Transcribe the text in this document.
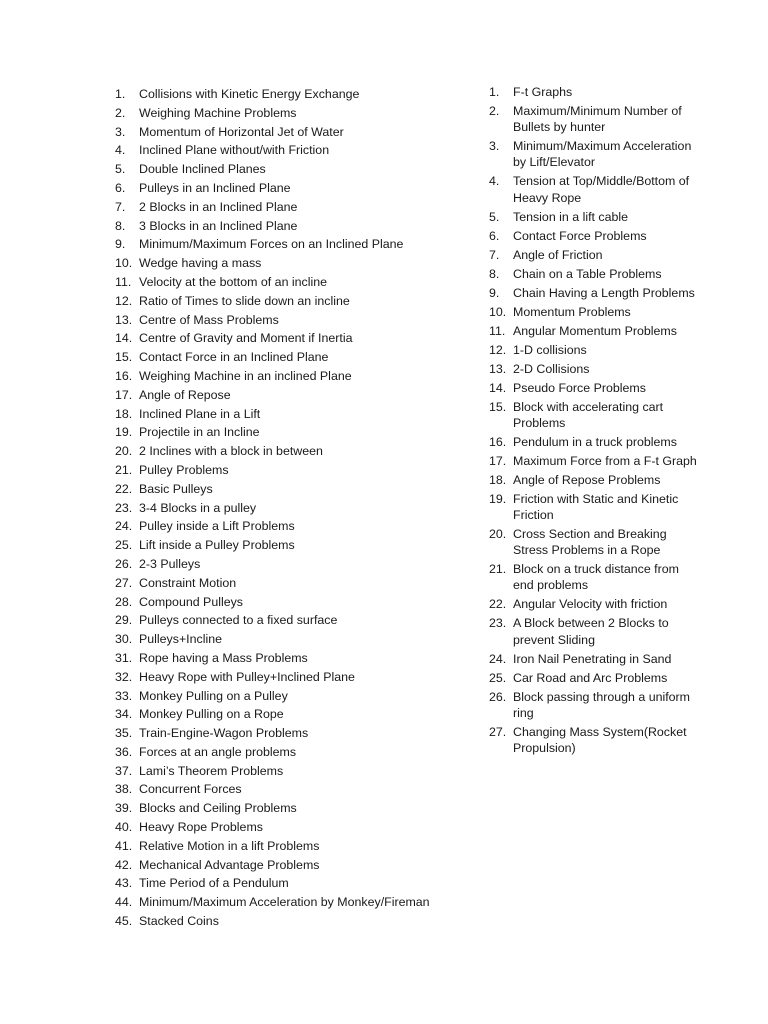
1.	Collisions with Kinetic Energy Exchange
2.	Weighing Machine Problems
3.	Momentum of Horizontal Jet of Water
4.	Inclined Plane without/with Friction
5.	Double Inclined Planes
6.	Pulleys in an Inclined Plane
7.	2 Blocks in an Inclined Plane
8.	3 Blocks in an Inclined Plane
9.	Minimum/Maximum Forces on an Inclined Plane
10. Wedge having a mass
11. Velocity at the bottom of an incline
12. Ratio of Times to slide down an incline
13. Centre of Mass Problems
14. Centre of Gravity and Moment if Inertia
15. Contact Force in an Inclined Plane
16. Weighing Machine in an inclined Plane
17. Angle of Repose
18. Inclined Plane in a Lift
19. Projectile in an Incline
20. 2 Inclines with a block in between
21. Pulley Problems
22. Basic Pulleys
23. 3-4 Blocks in a pulley
24. Pulley inside a Lift Problems
25. Lift inside a Pulley Problems
26. 2-3 Pulleys
27. Constraint Motion
28. Compound Pulleys
29. Pulleys connected to a fixed surface
30. Pulleys+Incline
31. Rope having a Mass Problems
32. Heavy Rope with Pulley+Inclined Plane
33. Monkey Pulling on a Pulley
34. Monkey Pulling on a Rope
35. Train-Engine-Wagon Problems
36. Forces at an angle problems
37. Lami’s Theorem Problems
38. Concurrent Forces
39. Blocks and Ceiling Problems
40. Heavy Rope Problems
41. Relative Motion in a lift Problems
42. Mechanical Advantage Problems
43. Time Period of a Pendulum
44. Minimum/Maximum Acceleration by Monkey/Fireman
45. Stacked Coins
1.	F-t Graphs
2.	Maximum/Minimum Number of Bullets by hunter
3.	Minimum/Maximum Acceleration by Lift/Elevator
4.	Tension at Top/Middle/Bottom of Heavy Rope
5.	Tension in a lift cable
6.	Contact Force Problems
7.	Angle of Friction
8.	Chain on a Table Problems
9.	Chain Having a Length Problems
10. Momentum Problems
11. Angular Momentum Problems
12. 1-D collisions
13. 2-D Collisions
14. Pseudo Force Problems
15. Block with accelerating cart Problems
16. Pendulum in a truck problems
17. Maximum Force from a F-t Graph
18. Angle of Repose Problems
19. Friction with Static and Kinetic Friction
20. Cross Section and Breaking Stress Problems in a Rope
21. Block on a truck distance from end problems
22. Angular Velocity with friction
23. A Block between 2 Blocks to prevent Sliding
24. Iron Nail Penetrating in Sand
25. Car Road and Arc Problems
26. Block passing through a uniform ring
27. Changing Mass System(Rocket Propulsion)
